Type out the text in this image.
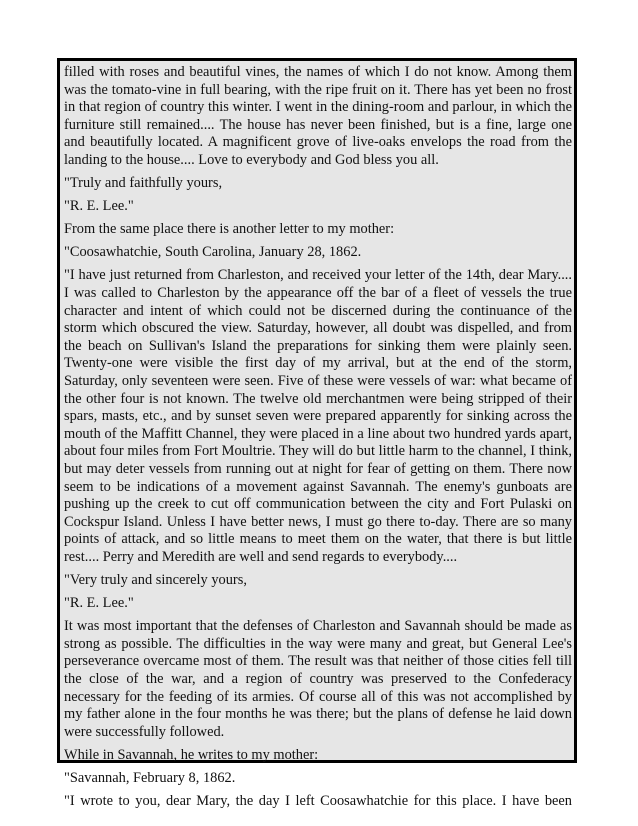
filled with roses and beautiful vines, the names of which I do not know. Among them was the tomato-vine in full bearing, with the ripe fruit on it. There has yet been no frost in that region of country this winter. I went in the dining-room and parlour, in which the furniture still remained.... The house has never been finished, but is a fine, large one and beautifully located. A magnificent grove of live-oaks envelops the road from the landing to the house.... Love to everybody and God bless you all.

"Truly and faithfully yours,

"R. E. Lee."

From the same place there is another letter to my mother:

"Coosawhatchie, South Carolina, January 28, 1862.

"I have just returned from Charleston, and received your letter of the 14th, dear Mary.... I was called to Charleston by the appearance off the bar of a fleet of vessels the true character and intent of which could not be discerned during the continuance of the storm which obscured the view. Saturday, however, all doubt was dispelled, and from the beach on Sullivan's Island the preparations for sinking them were plainly seen. Twenty-one were visible the first day of my arrival, but at the end of the storm, Saturday, only seventeen were seen. Five of these were vessels of war: what became of the other four is not known. The twelve old merchantmen were being stripped of their spars, masts, etc., and by sunset seven were prepared apparently for sinking across the mouth of the Maffitt Channel, they were placed in a line about two hundred yards apart, about four miles from Fort Moultrie. They will do but little harm to the channel, I think, but may deter vessels from running out at night for fear of getting on them. There now seem to be indications of a movement against Savannah. The enemy's gunboats are pushing up the creek to cut off communication between the city and Fort Pulaski on Cockspur Island. Unless I have better news, I must go there to-day. There are so many points of attack, and so little means to meet them on the water, that there is but little rest.... Perry and Meredith are well and send regards to everybody....

"Very truly and sincerely yours,

"R. E. Lee."

It was most important that the defenses of Charleston and Savannah should be made as strong as possible. The difficulties in the way were many and great, but General Lee's perseverance overcame most of them. The result was that neither of those cities fell till the close of the war, and a region of country was preserved to the Confederacy necessary for the feeding of its armies. Of course all of this was not accomplished by my father alone in the four months he was there; but the plans of defense he laid down were successfully followed.

While in Savannah, he writes to my mother:

"Savannah, February 8, 1862.

"I wrote to you, dear Mary, the day I left Coosawhatchie for this place. I have been
